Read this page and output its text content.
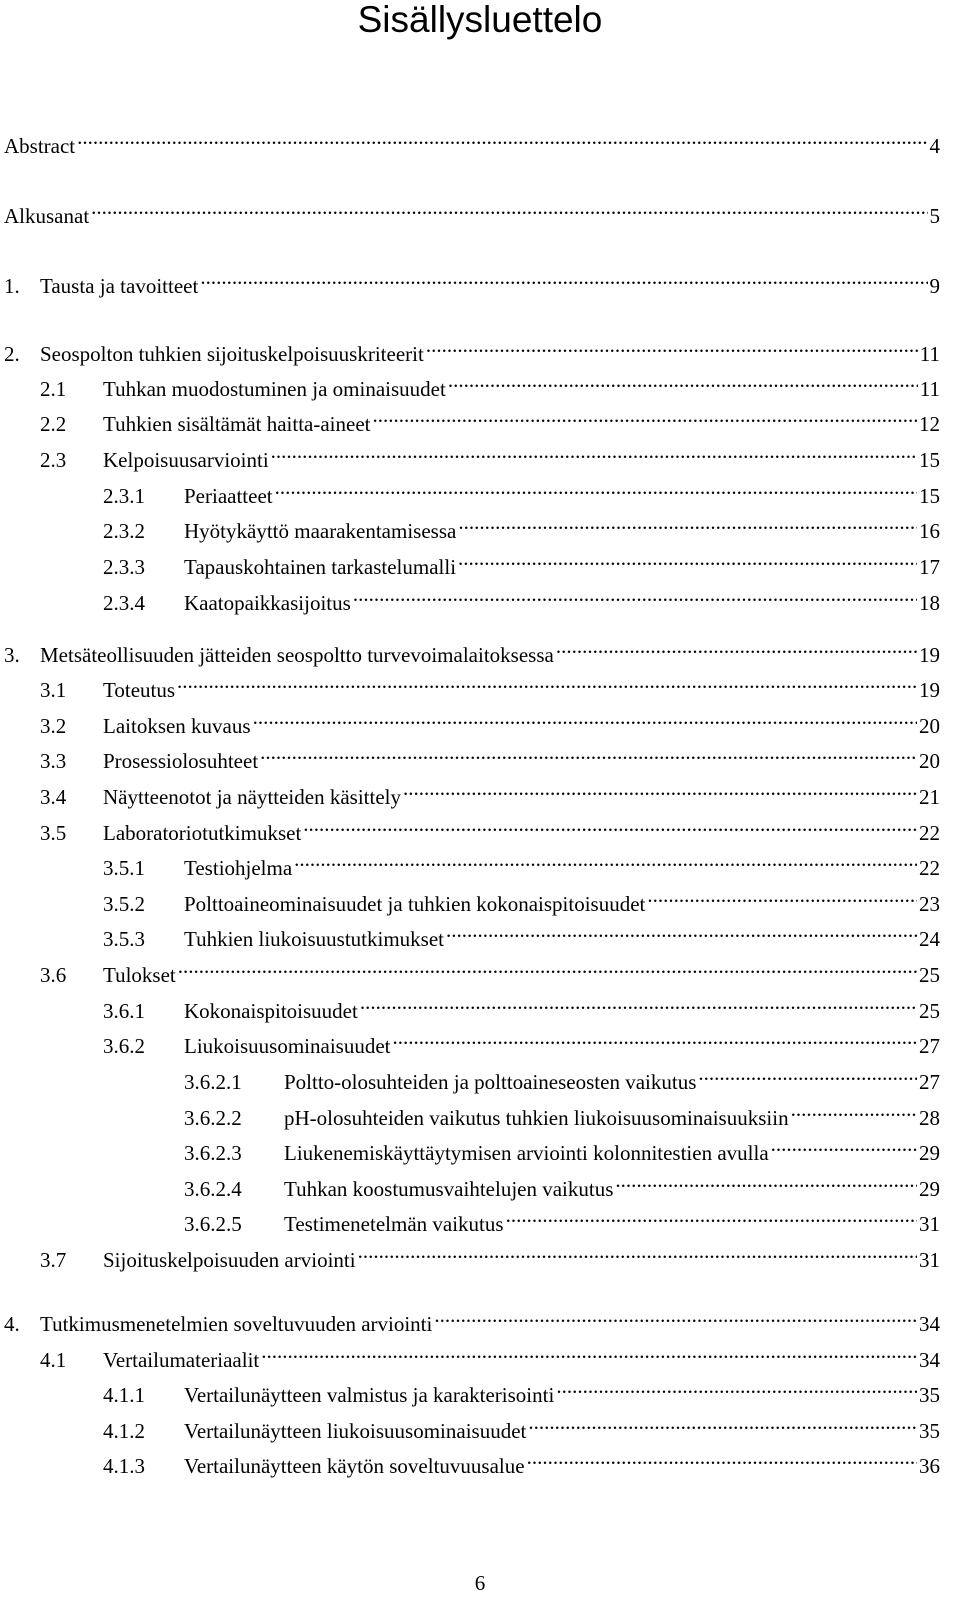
Sisällysluettelo
Abstract .....	4
Alkusanat .....	5
1. Tausta ja tavoitteet .....	9
2. Seospolton tuhkien sijoituskelpoisuuskriteerit .....	11
2.1	Tuhkan muodostuminen ja ominaisuudet .....	11
2.2	Tuhkien sisältämät haitta-aineet .....	12
2.3	Kelpoisuusarviointi .....	15
2.3.1	Periaatteet .....	15
2.3.2	Hyötykäyttö maarakentamisessa .....	16
2.3.3	Tapauskohtainen tarkastelumalli .....	17
2.3.4	Kaatopaikkasijoitus .....	18
3. Metsäteollisuuden jätteiden seospoltto turvevoimalaitoksessa .....	19
3.1	Toteutus .....	19
3.2	Laitoksen kuvaus .....	20
3.3	Prosessiolosuhteet .....	20
3.4	Näytteenotot ja näytteiden käsittely .....	21
3.5	Laboratoriotutkimukset .....	22
3.5.1	Testiohjelma .....	22
3.5.2	Polttoaineominaisuudet ja tuhkien kokonaispitoisuudet .....	23
3.5.3	Tuhkien liukoisuustutkimukset .....	24
3.6	Tulokset .....	25
3.6.1	Kokonaispitoisuudet .....	25
3.6.2	Liukoisuusominaisuudet .....	27
3.6.2.1	Poltto-olosuhteiden ja polttoaineseosten vaikutus .....	27
3.6.2.2	pH-olosuhteiden vaikutus tuhkien liukoisuusominaisuuksiin .....	28
3.6.2.3	Liukenemiskäyttäytymisen arviointi kolonnitestien avulla .....	29
3.6.2.4	Tuhkan koostumusvaihtelujen vaikutus .....	29
3.6.2.5	Testimenetelmän vaikutus .....	31
3.7	Sijoituskelpoisuuden arviointi .....	31
4. Tutkimusmenetelmien soveltuvuuden arviointi .....	34
4.1	Vertailumateriaalit .....	34
4.1.1	Vertailunäytteen valmistus ja karakterisointi .....	35
4.1.2	Vertailunäytteen liukoisuusominaisuudet .....	35
4.1.3	Vertailunäytteen käytön soveltuvuusalue .....	36
6
